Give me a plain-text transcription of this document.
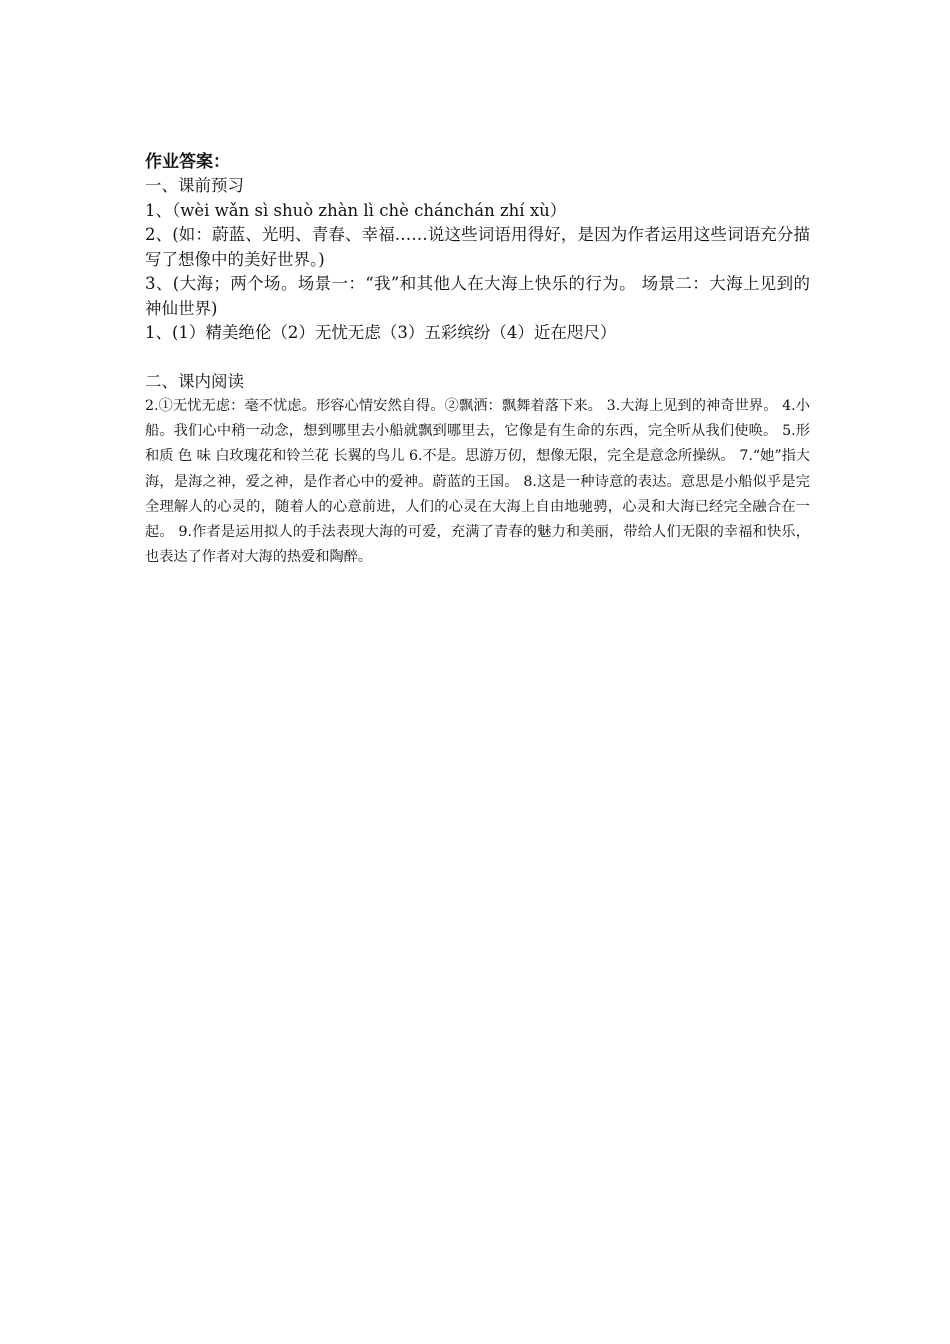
作业答案：

一、课前预习

1、（wèi wǎn sì shuò zhàn lì chè chánchán zhí xù）

2、(如：蔚蓝、光明、青春、幸福……说这些词语用得好，是因为作者运用这些词语充分描写了想像中的美好世界。)

3、(大海；两个场。场景一：“我”和其他人在大海上快乐的行为。 场景二：大海上见到的神仙世界)

1、(1）精美绝伦（2）无忧无虑（3）五彩缤纷（4）近在咫尺）

二、课内阅读

2.①无忧无虑：毫不忧虑。形容心情安然自得。②飘洒：飘舞着落下来。 3.大海上见到的神奇世界。 4.小船。我们心中稍一动念，想到哪里去小船就飘到哪里去，它像是有生命的东西，完全听从我们使唤。 5.形和质 色 味 白玫瑰花和铃兰花 长翼的鸟儿 6.不是。思游万仞，想像无限，完全是意念所操纵。 7.“她”指大海，是海之神，爱之神，是作者心中的爱神。蔚蓝的王国。 8.这是一种诗意的表达。意思是小船似乎是完全理解人的心灵的，随着人的心意前进，人们的心灵在大海上自由地驰骋，心灵和大海已经完全融合在一起。 9.作者是运用拟人的手法表现大海的可爱，充满了青春的魅力和美丽，带给人们无限的幸福和快乐，也表达了作者对大海的热爱和陶醉。
